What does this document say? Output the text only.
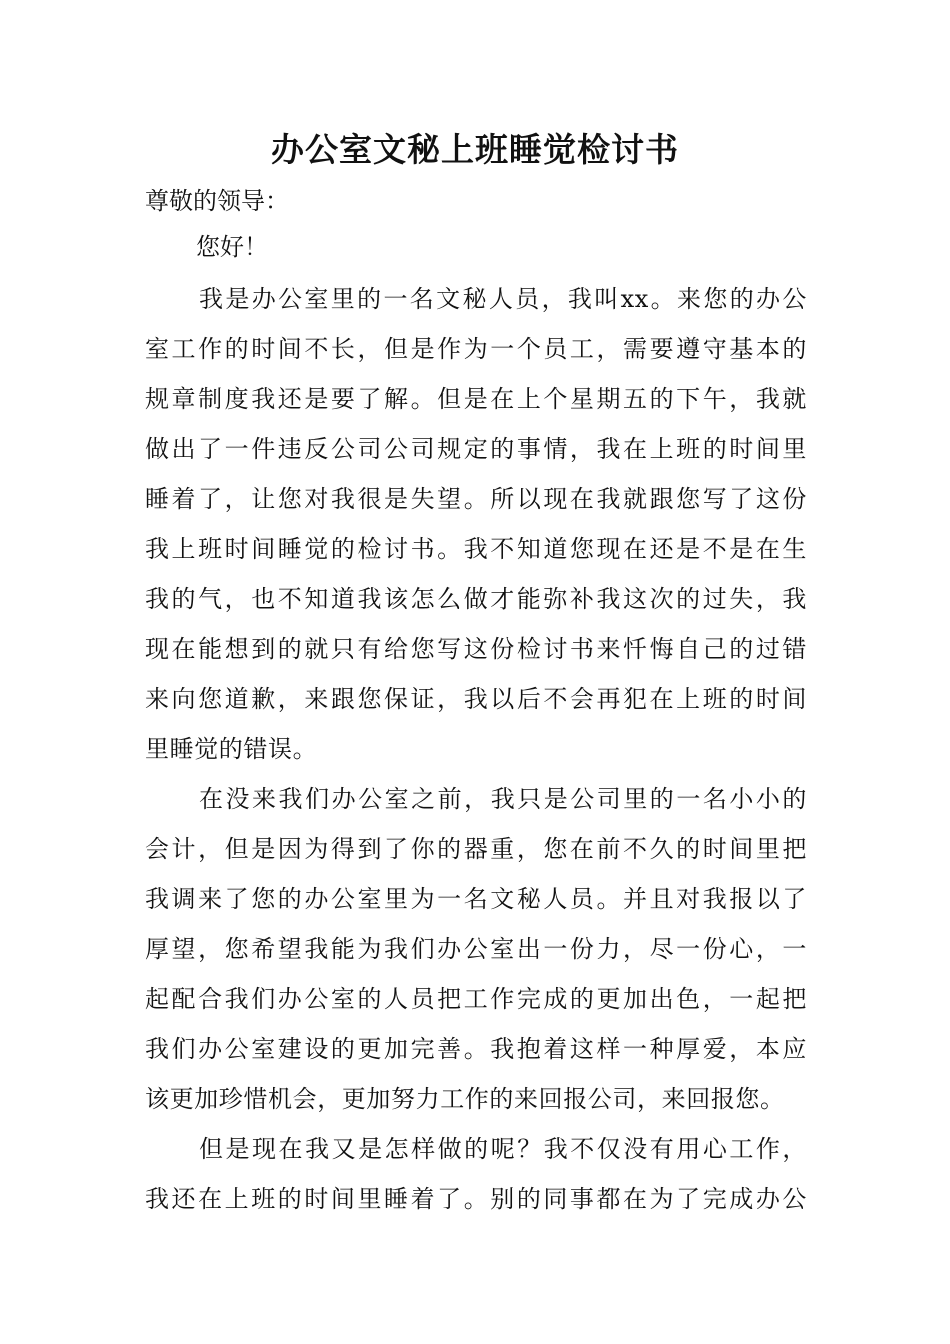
办公室文秘上班睡觉检讨书
尊敬的领导：
您好！
我是办公室里的一名文秘人员，我叫xx。来您的办公
室工作的时间不长，但是作为一个员工，需要遵守基本的
规章制度我还是要了解。但是在上个星期五的下午，我就
做出了一件违反公司公司规定的事情，我在上班的时间里
睡着了，让您对我很是失望。所以现在我就跟您写了这份
我上班时间睡觉的检讨书。我不知道您现在还是不是在生
我的气，也不知道我该怎么做才能弥补我这次的过失，我
现在能想到的就只有给您写这份检讨书来忏悔自己的过错
来向您道歉，来跟您保证，我以后不会再犯在上班的时间
里睡觉的错误。
在没来我们办公室之前，我只是公司里的一名小小的
会计，但是因为得到了你的器重，您在前不久的时间里把
我调来了您的办公室里为一名文秘人员。并且对我报以了
厚望，您希望我能为我们办公室出一份力，尽一份心，一
起配合我们办公室的人员把工作完成的更加出色，一起把
我们办公室建设的更加完善。我抱着这样一种厚爱，本应
该更加珍惜机会，更加努力工作的来回报公司，来回报您。
但是现在我又是怎样做的呢？我不仅没有用心工作，
我还在上班的时间里睡着了。别的同事都在为了完成办公
